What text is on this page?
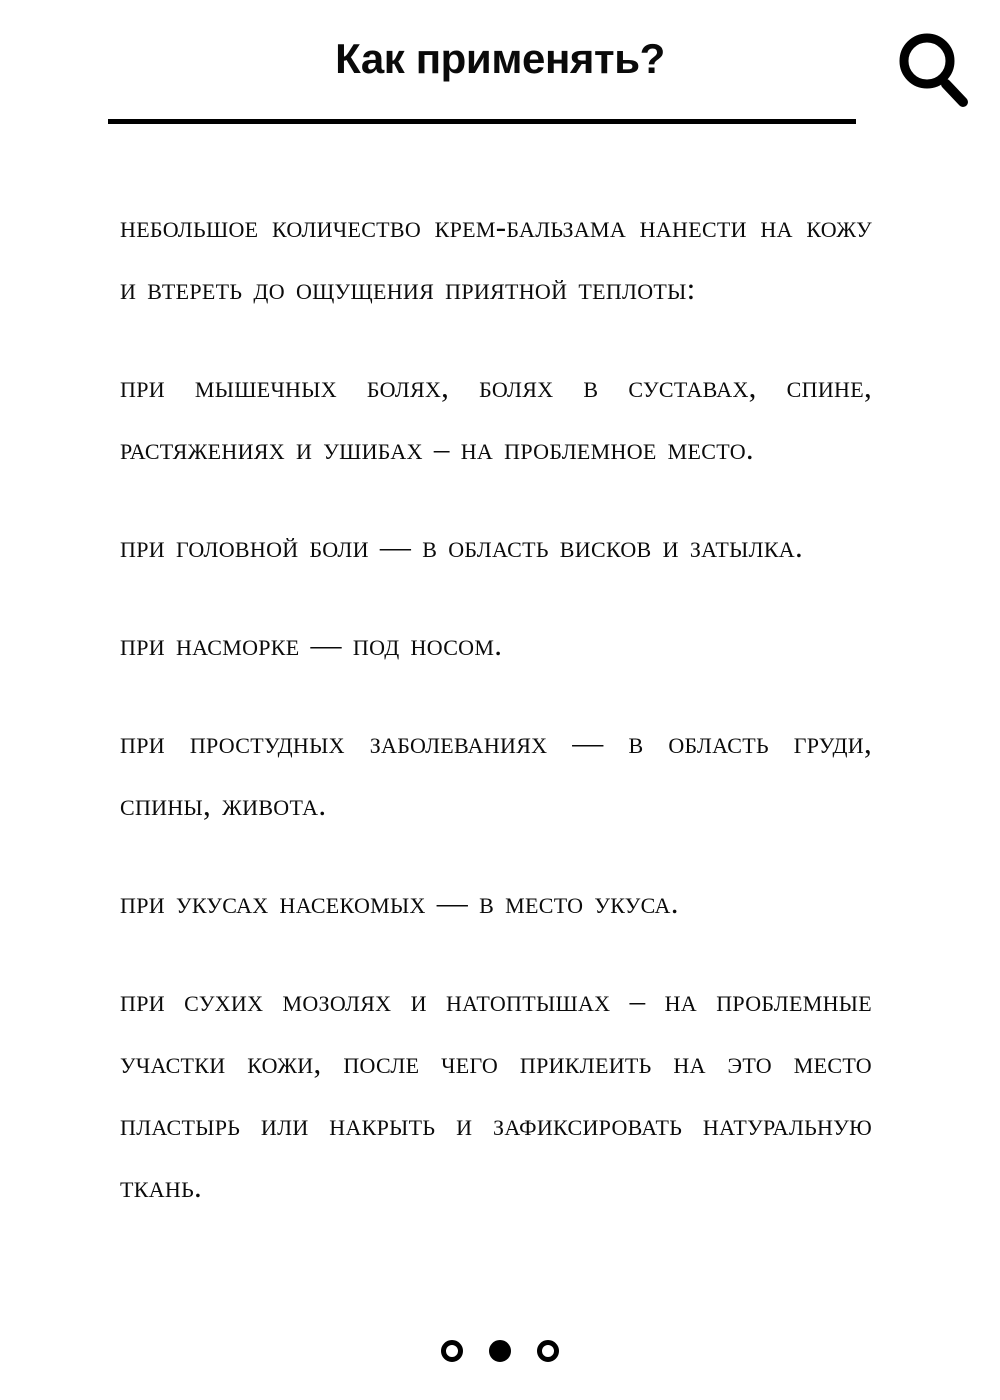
Как применять?

небольшое количество крем-бальзама нанести на кожу и втереть до ощущения приятной теплоты:

при мышечных болях, болях в суставах, спине, растяжениях и ушибах – на проблемное место.

при головной боли — в область висков и затылка.

при насморке — под носом.

при простудных заболеваниях — в область груди, спины, живота.

при укусах насекомых — в место укуса.

при сухих мозолях и натоптышах – на проблемные участки кожи, после чего приклеить на это место пластырь или накрыть и зафиксировать натуральную ткань.
